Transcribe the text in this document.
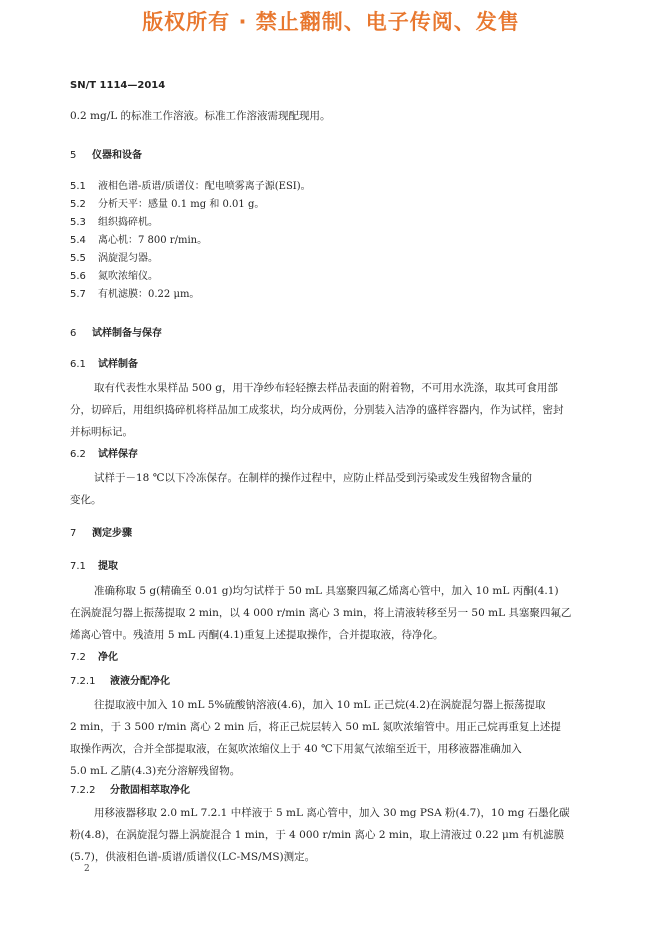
版权所有 · 禁止翻制、电子传阅、发售
SN/T 1114—2014
0.2 mg/L 的标准工作溶液。标准工作溶液需现配现用。
5 仪器和设备
5.1 液相色谱-质谱/质谱仪：配电喷雾离子源(ESI)。
5.2 分析天平：感量 0.1 mg 和 0.01 g。
5.3 组织捣碎机。
5.4 离心机：7 800 r/min。
5.5 涡旋混匀器。
5.6 氮吹浓缩仪。
5.7 有机滤膜：0.22 μm。
6 试样制备与保存
6.1 试样制备
取有代表性水果样品 500 g，用干净纱布轻轻擦去样品表面的附着物，不可用水洗涤，取其可食用部
分，切碎后，用组织捣碎机将样品加工成浆状，均分成两份，分别装入洁净的盛样容器内，作为试样，密封
并标明标记。
6.2 试样保存
试样于－18 ℃以下冷冻保存。在制样的操作过程中，应防止样品受到污染或发生残留物含量的
变化。
7 测定步骤
7.1 提取
准确称取 5 g(精确至 0.01 g)均匀试样于 50 mL 具塞聚四氟乙烯离心管中，加入 10 mL 丙酮(4.1)
在涡旋混匀器上振荡提取 2 min，以 4 000 r/min 离心 3 min，将上清液转移至另一 50 mL 具塞聚四氟乙
烯离心管中。残渣用 5 mL 丙酮(4.1)重复上述提取操作，合并提取液，待净化。
7.2 净化
7.2.1 液液分配净化
往提取液中加入 10 mL 5%硫酸钠溶液(4.6)，加入 10 mL 正己烷(4.2)在涡旋混匀器上振荡提取
2 min，于 3 500 r/min 离心 2 min 后，将正己烷层转入 50 mL 氮吹浓缩管中。用正己烷再重复上述提
取操作两次，合并全部提取液，在氮吹浓缩仪上于 40 ℃下用氮气浓缩至近干，用移液器准确加入
5.0 mL 乙腈(4.3)充分溶解残留物。
7.2.2 分散固相萃取净化
用移液器移取 2.0 mL 7.2.1 中样液于 5 mL 离心管中，加入 30 mg PSA 粉(4.7)，10 mg 石墨化碳
粉(4.8)，在涡旋混匀器上涡旋混合 1 min，于 4 000 r/min 离心 2 min，取上清液过 0.22 μm 有机滤膜
(5.7)，供液相色谱-质谱/质谱仪(LC-MS/MS)测定。
2
